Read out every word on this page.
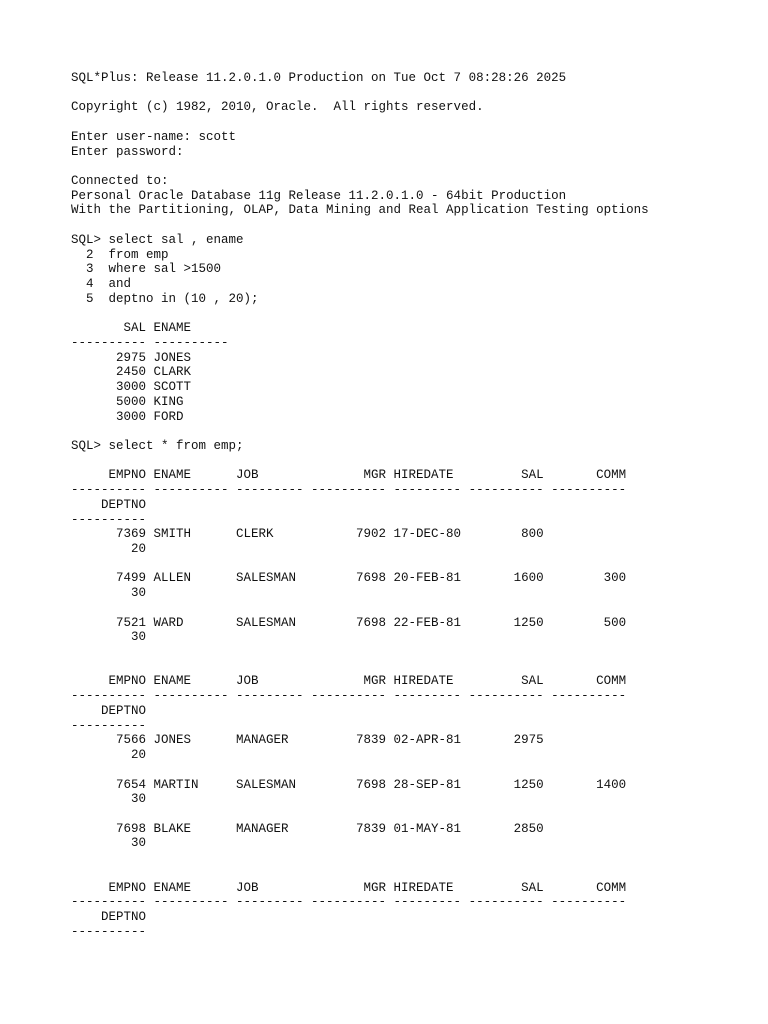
SQL*Plus: Release 11.2.0.1.0 Production on Tue Oct 7 08:28:26 2025

Copyright (c) 1982, 2010, Oracle.  All rights reserved.

Enter user-name: scott
Enter password:

Connected to:
Personal Oracle Database 11g Release 11.2.0.1.0 - 64bit Production
With the Partitioning, OLAP, Data Mining and Real Application Testing options

SQL> select sal , ename
2  from emp
3  where sal >1500
4  and
5  deptno in (10 , 20);

SAL ENAME
---------- ----------
2975 JONES
2450 CLARK
3000 SCOTT
5000 KING
3000 FORD

SQL> select * from emp;

EMPNO ENAME      JOB              MGR HIREDATE         SAL       COMM
---------- ---------- --------- ---------- --------- ---------- ----------
DEPTNO
----------
7369 SMITH      CLERK           7902 17-DEC-80        800
20

7499 ALLEN      SALESMAN        7698 20-FEB-81       1600        300
30

7521 WARD       SALESMAN        7698 22-FEB-81       1250        500
30

EMPNO ENAME      JOB              MGR HIREDATE         SAL       COMM
---------- ---------- --------- ---------- --------- ---------- ----------
DEPTNO
----------
7566 JONES      MANAGER         7839 02-APR-81       2975
20

7654 MARTIN     SALESMAN        7698 28-SEP-81       1250       1400
30

7698 BLAKE      MANAGER         7839 01-MAY-81       2850
30

EMPNO ENAME      JOB              MGR HIREDATE         SAL       COMM
---------- ---------- --------- ---------- --------- ---------- ----------
DEPTNO
----------
